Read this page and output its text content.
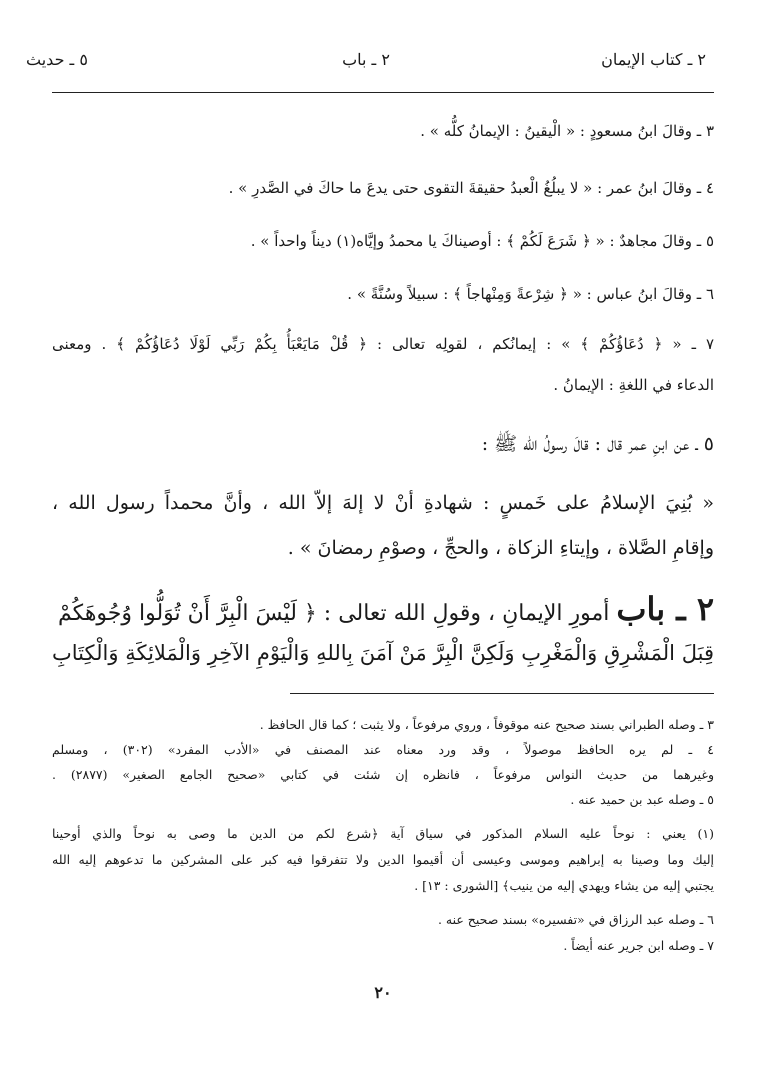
٢ ـ كتاب الإيمان
٢ ـ باب
٥ ـ حديث
٣ ـ وقالَ ابنُ مسعودٍ : « الْيقينُ : الإيمانُ كلُّه » .
٤ ـ وقالَ ابنُ عمر : « لا يبلُغُ الْعبدُ حقيقةَ التقوى حتى يدعَ ما حاكَ في الصَّدرِ » .
٥ ـ وقالَ مجاهدٌ : « ﴿ شَرَعَ لَكُمْ ﴾ : أوصيناكَ يا محمدُ وإيَّاه(١) ديناً واحداً » .
٦ ـ وقالَ ابنُ عباس : « ﴿ شِرْعةً وَمِنْهاجاً ﴾ : سبيلاً وسُنَّةً » .
٧ ـ « ﴿ دُعَاؤُكُمْ ﴾ » : إيمانُكم ، لقولِه تعالى : ﴿ قُلْ مَايَعْبَأُ بِكُمْ رَبِّي لَوْلَا دُعَاؤُكُمْ ﴾ . ومعنى
الدعاء في اللغةِ : الإيمانُ .
٥ ـ عن ابنِ عمر قال : قالَ رسولُ الله ﷺ :
« بُنِيَ الإسلامُ على خَمسٍ : شهادةِ أنْ لا إلهَ إلاّ الله ، وأنَّ محمداً رسول الله ،
وإقامِ الصَّلاة ، وإيتاءِ الزكاة ، والحجِّ ، وصوْمِ رمضانَ » .
٢ ـ باب أمورِ الإيمانِ ، وقولِ الله تعالى : ﴿ لَيْسَ الْبِرَّ أَنْ تُوَلُّوا وُجُوهَكُمْ
قِبَلَ الْمَشْرِقِ وَالْمَغْرِبِ وَلَكِنَّ الْبِرَّ مَنْ آمَنَ بِاللهِ وَالْيَوْمِ الآخِرِ وَالْمَلائِكَةِ وَالْكِتَابِ
٣ ـ وصله الطبراني بسند صحيح عنه موقوفاً ، وروي مرفوعاً ، ولا يثبت ؛ كما قال الحافظ .
٤ ـ لم يره الحافظ موصولاً ، وقد ورد معناه عند المصنف في «الأدب المفرد» (٣٠٢) ، ومسلم
وغيرهما من حديث النواس مرفوعاً ، فانظره إن شئت في كتابي «صحيح الجامع الصغير» (٢٨٧٧) .
٥ ـ وصله عبد بن حميد عنه .
(١) يعني : نوحاً عليه السلام المذكور في سياق آية ﴿شرع لكم من الدين ما وصى به نوحاً والذي أوحينا
إليك وما وصينا به إبراهيم وموسى وعيسى أن أقيموا الدين ولا تتفرقوا فيه كبر على المشركين ما تدعوهم إليه الله
يجتبي إليه من يشاء ويهدي إليه من ينيب﴾ [الشورى : ١٣] .
٦ ـ وصله عبد الرزاق في «تفسيره» بسند صحيح عنه .
٧ ـ وصله ابن جرير عنه أيضاً .
٢٠
